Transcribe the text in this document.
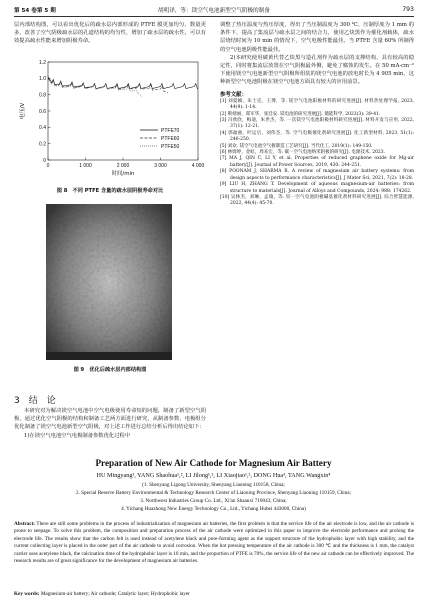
第 54 卷第 5 期	胡明译，等：镁空气电池新型空气阴极的制备	793

层内部结构图，可以看出优化后的疏水层内部形成的 PTFE 膜更加均匀，数量更多，改善了空气阴极疏水层的孔道结构的均匀性，增加了疏水层的疏水性，可以有效提高疏水性能来增加阴极寿命。

0
0.2
0.4
0.6
0.8
1.0
1.2
0	1 000	2 000	3 000	4 000
时间/min
电压/V
PTFE70
PTFE60
PTFE50
图 8　不同 PTFE 含量的疏水层阴极寿命对比
图 9　优化后疏水层内部结构图
3　结　论

本研究对为解决镁空气电池中空气电极使用寿命短的问题，制备了新型空气阴极，通过优化空气阴极的结构和制备工艺两方面进行研究，从制备参数、电极组分优化制备了镁空气电池新型空气阴极，对上述工作进行总结分析后得出结论如下：

1)在镁空气电池空气电极制备参数优化过程中

调整了热压温度与热压厚度，得出了当压制温度为 300 ℃、压制厚度为 1 mm 的条件下，提高了集流层与疏水层之间的结合力，使用乙炔黑作为催化剂载体，疏水层烧结时间为 10 min 的情况下，空气电极性能最佳。当 PTFE 含量 60% 所制得的空气电池阴极性能最佳。

2)本研究使用碳黄代替乙炔黑与造孔剂作为疏水层的支撑结构，具有较高的稳定性，同时将集流层放置在空气阴极最外侧，避免了腐蚀的发生。在 50 mA·cm⁻² 下使用镁空气电池新型空气阴极所组装的镁空气电池的放电时长为 4 905 min，这种新型空气电池阴极在镁空气电池方面具有较大的应用前景。

参考文献：

[1] 刘夏楠，朱士克，王博，等. 镁空气电池阳极材料的研究进展[J]. 材料热处理学报, 2023, 44(9): 1-14.

[2] 靳婧丽，郑军华，张廷安. 镁电池的研究进展[J]. 储能科学, 2023(3): 39-41.

[3] 冯欣欣，梅迪，朱世杰，等. 一次镁空气电池阳极材料研究进展[J]. 材料开发与应用, 2022, 37(1): 12-21.

[4] 郭福曲，叶运启，刘伟杰，等. 空气电极催化剂研究进展[J]. 化工新型材料, 2023, 51(1): 246-250.

[5] 刘欢. 镁空气电池空气极制造工艺研究[J]. 当代化工, 2019(1): 149-150.

[6] 林姆婷，金虹，周来宏，等. 碳一空气电池纳米阴极的研究[J]. 电源技术, 2023.

[7] MA J, QIN C, LI Y, et al. Properties of reduced graphene oxide for Mg-air battery[J]. Journal of Power Sources, 2019, 430: 244-251.

[8] POONAM J, SHARMA R. A review of magnesium air battery systems: from design aspects to performance characteristics[J]. J Mater Sci, 2021, 7(2): 18-28.

[9] LIU H, ZHANG T. Development of aqueous magnesium-air batteries: from structure to materials[J]. Journal of Alloys and Compounds, 2024: 988: 174262.

[10] 吴林杰，刘琳，孟瑜，等. 锌一空气电池阴极碱基催化剂材料研究进展[J]. 综合智慧能源, 2022, 44(4): 45-70.

Preparation of New Air Cathode for Magnesium Air Battery
HU Mingyang¹, YANG Shaohua¹,², LI Jilong¹,², LI Xiaojiao¹,², DONG Hua³, TANG Wangxin⁴
(1. Shenyang Ligong University, Shenyang Liaoning 110158, China;
2. Special Reserve Battery Environmental & Technology Research Center of Liaoning Province, Shenyang Liaoning 110159, China;
3. Northwest Industries Group Co. Ltd., Xi'an Shaanxi 710043, China;
4. Yichang Huazhong New Energy Technology Co., Ltd., Yichang Hubei 443000, China)
Abstract: There are still some problems in the process of industrialization of magnesium air batteries, the first problem is that the service life of the air electrode is low, and the air cathode is prone to seepage. To solve this problem, the composition and preparation process of the air cathode were optimized in this paper to improve the electrode performance and prolong the electrode life. The results show that the carbon felt is used instead of acetylene black and pore-forming agent as the support structure of the hydrophobic layer with high stability, and the current collecting layer is placed in the outer part of the air cathode to avoid corrosion. When the hot pressing temperature of the air cathode is 300 ℃ and the thickness is 1 mm, the catalyst carrier uses acetylene black, the calcination time of the hydrophobic layer is 10 min, and the proportion of PTFE is 70%, the service life of the new air cathode can be effectively improved. The research results are of great significance for the development of magnesium air batteries.
Key words: Magnesium-air battery; Air cathode; Catalytic layer; Hydrophobic layer
